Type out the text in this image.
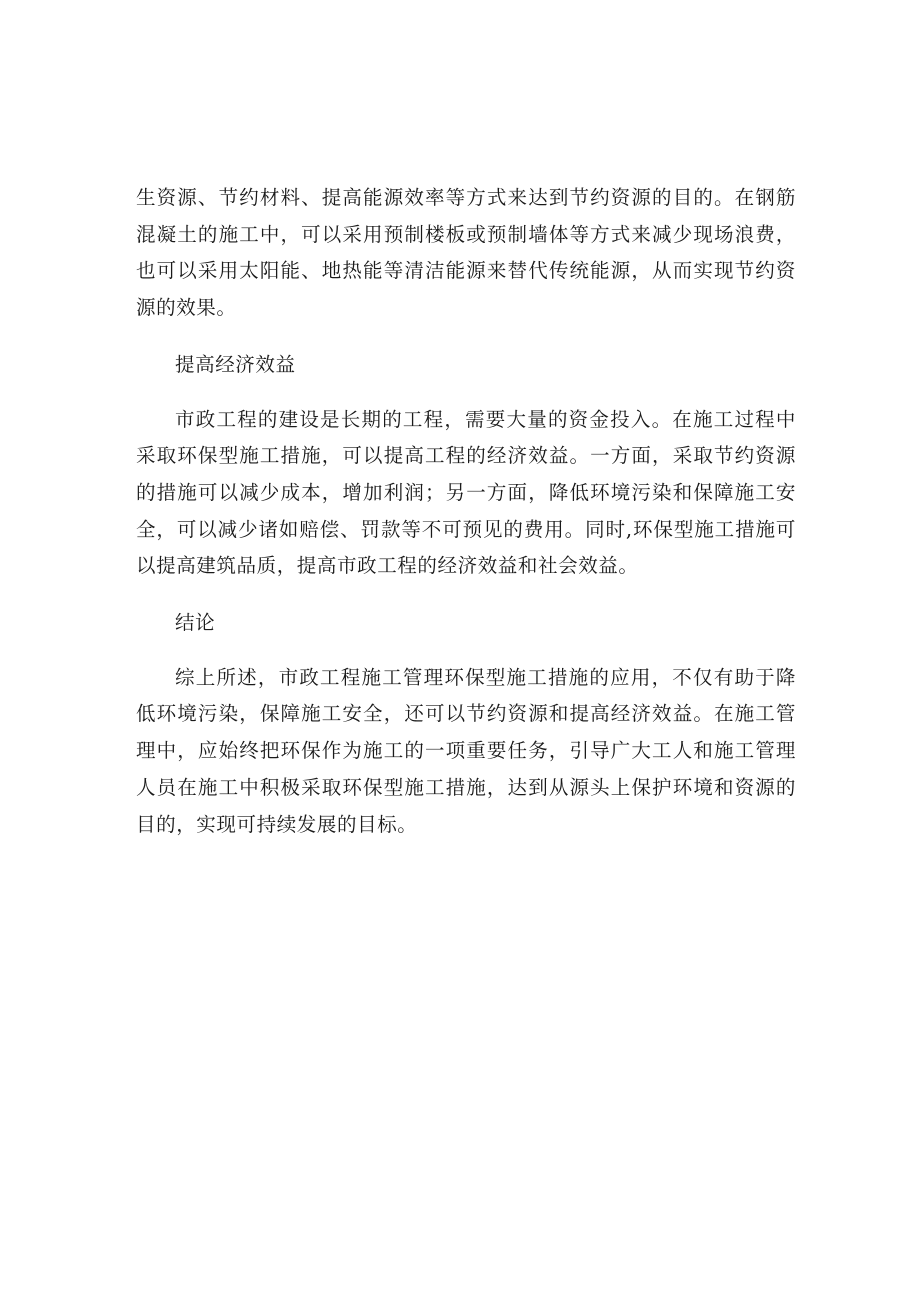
生资源、节约材料、提高能源效率等方式来达到节约资源的目的。在钢筋混凝土的施工中，可以采用预制楼板或预制墙体等方式来减少现场浪费，也可以采用太阳能、地热能等清洁能源来替代传统能源，从而实现节约资源的效果。

提高经济效益

市政工程的建设是长期的工程，需要大量的资金投入。在施工过程中采取环保型施工措施，可以提高工程的经济效益。一方面，采取节约资源的措施可以减少成本，增加利润；另一方面，降低环境污染和保障施工安全，可以减少诸如赔偿、罚款等不可预见的费用。同时,环保型施工措施可以提高建筑品质，提高市政工程的经济效益和社会效益。

结论

综上所述，市政工程施工管理环保型施工措施的应用，不仅有助于降低环境污染，保障施工安全，还可以节约资源和提高经济效益。在施工管理中，应始终把环保作为施工的一项重要任务，引导广大工人和施工管理人员在施工中积极采取环保型施工措施，达到从源头上保护环境和资源的目的，实现可持续发展的目标。
